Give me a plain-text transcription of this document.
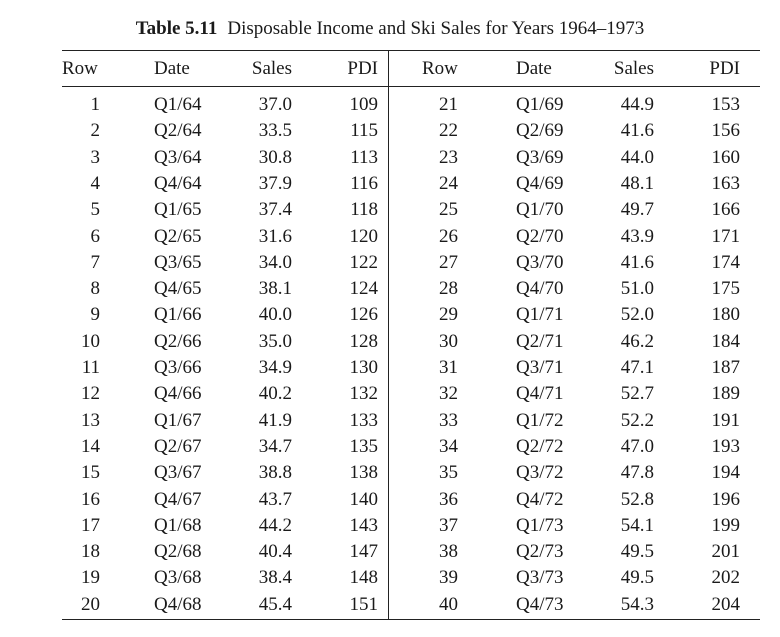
Table 5.11 Disposable Income and Ski Sales for Years 1964–1973
Row	Date	Sales	PDI Row	Date	Sales	PDI
1	Q1/64	37.0	109	21	Q1/69	44.9	153
2	Q2/64	33.5	115	22	Q2/69	41.6	156
3	Q3/64	30.8	113	23	Q3/69	44.0	160
4	Q4/64	37.9	116	24	Q4/69	48.1	163
5	Q1/65	37.4	118	25	Q1/70	49.7	166
6	Q2/65	31.6	120	26	Q2/70	43.9	171
7	Q3/65	34.0	122	27	Q3/70	41.6	174
8	Q4/65	38.1	124	28	Q4/70	51.0	175
9	Q1/66	40.0	126	29	Q1/71	52.0	180
10	Q2/66	35.0	128	30	Q2/71	46.2	184
11	Q3/66	34.9	130	31	Q3/71	47.1	187
12	Q4/66	40.2	132	32	Q4/71	52.7	189
13	Q1/67	41.9	133	33	Q1/72	52.2	191
14	Q2/67	34.7	135	34	Q2/72	47.0	193
15	Q3/67	38.8	138	35	Q3/72	47.8	194
16	Q4/67	43.7	140	36	Q4/72	52.8	196
17	Q1/68	44.2	143	37	Q1/73	54.1	199
18	Q2/68	40.4	147	38	Q2/73	49.5	201
19	Q3/68	38.4	148	39	Q3/73	49.5	202
20	Q4/68	45.4	151	40	Q4/73	54.3	204
